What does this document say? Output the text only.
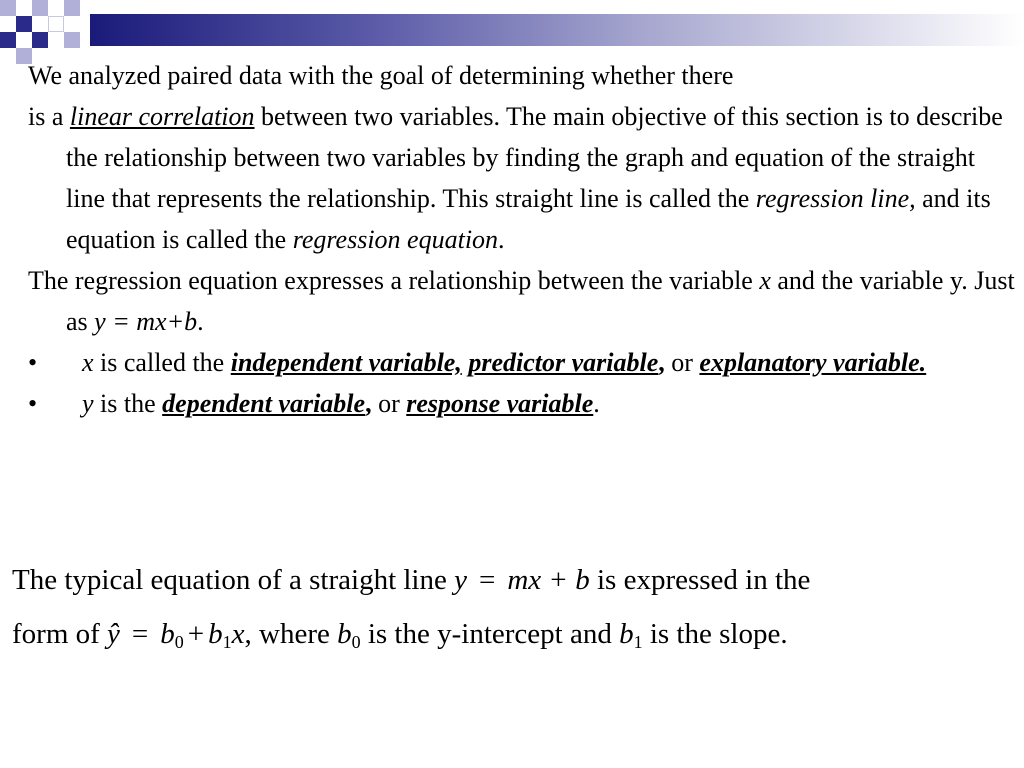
We analyzed paired data with the goal of determining whether there

is a linear correlation between two variables. The main objective of this section is to describe the relationship between two variables by finding the graph and equation of the straight line that represents the relationship. This straight line is called the regression line, and its equation is called the regression equation.

The regression equation expresses a relationship between the variable x and the variable y. Just as y = mx+b.

• x is called the independent variable, predictor variable, or explanatory variable.

• y is the dependent variable, or response variable.

The typical equation of a straight line y = mx + b is expressed in the

form of ŷ = $b_0 + b_1x$, where $b_0$ is the y-intercept and $b_1$ is the slope.
